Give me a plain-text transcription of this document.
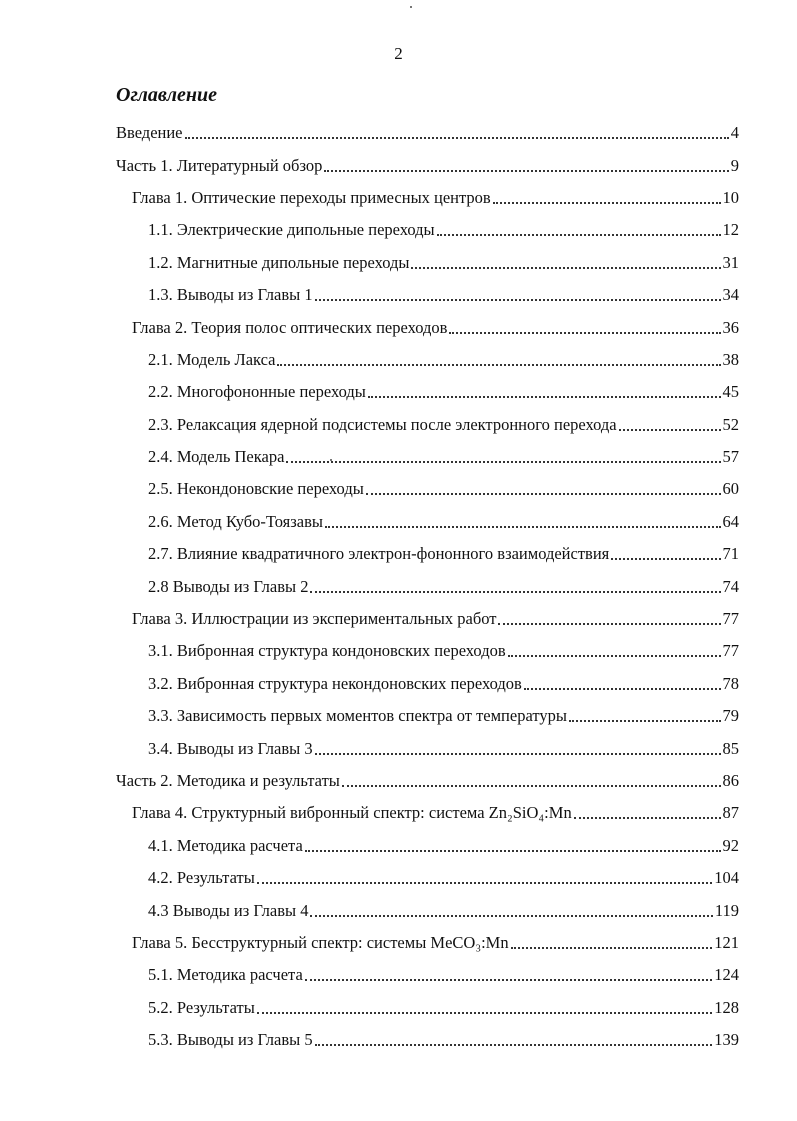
2
Оглавление
Введение	4
Часть 1. Литературный обзор	9
Глава 1. Оптические переходы примесных центров	10
1.1. Электрические дипольные переходы	12
1.2. Магнитные дипольные переходы	31
1.3. Выводы из Главы 1	34
Глава 2. Теория полос оптических переходов	36
2.1. Модель Лакса	38
2.2. Многофононные переходы	45
2.3. Релаксация ядерной подсистемы после электронного перехода	52
2.4. Модель Пекара	57
2.5. Некондоновские переходы	60
2.6. Метод Кубо-Тоязавы	64
2.7. Влияние квадратичного электрон-фононного взаимодействия	71
2.8 Выводы из Главы 2	74
Глава 3. Иллюстрации из экспериментальных работ	77
3.1. Вибронная структура кондоновских переходов	77
3.2. Вибронная структура некондоновских переходов	78
3.3. Зависимость первых моментов спектра от температуры	79
3.4. Выводы из Главы 3	85
Часть 2. Методика и результаты	86
Глава 4. Структурный вибронный спектр: система Zn₂SiO₄:Mn	87
4.1. Методика расчета	92
4.2. Результаты	104
4.3 Выводы из Главы 4	119
Глава 5. Бесструктурный спектр: системы MeCO₃:Mn	121
5.1. Методика расчета	124
5.2. Результаты	128
5.3. Выводы из Главы 5	139
